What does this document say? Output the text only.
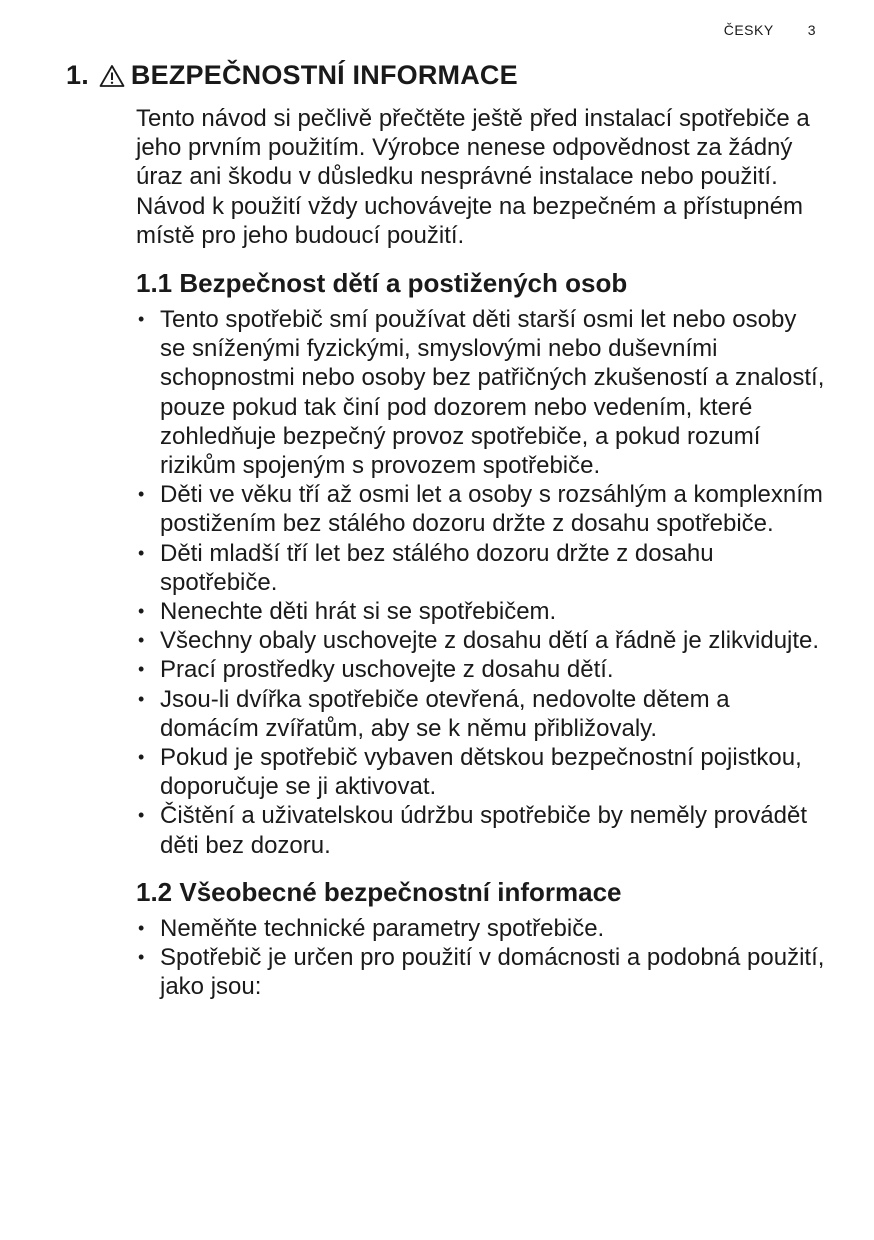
ČESKY 3
1. BEZPEČNOSTNÍ INFORMACE

Tento návod si pečlivě přečtěte ještě před instalací spotřebiče a jeho prvním použitím. Výrobce nenese odpovědnost za žádný úraz ani škodu v důsledku nesprávné instalace nebo použití. Návod k použití vždy uchovávejte na bezpečném a přístupném místě pro jeho budoucí použití.

1.1 Bezpečnost dětí a postižených osob
• Tento spotřebič smí používat děti starší osmi let nebo osoby se sníženými fyzickými, smyslovými nebo duševními schopnostmi nebo osoby bez patřičných zkušeností a znalostí, pouze pokud tak činí pod dozorem nebo vedením, které zohledňuje bezpečný provoz spotřebiče, a pokud rozumí rizikům spojeným s provozem spotřebiče.
• Děti ve věku tří až osmi let a osoby s rozsáhlým a komplexním postižením bez stálého dozoru držte z dosahu spotřebiče.
• Děti mladší tří let bez stálého dozoru držte z dosahu spotřebiče.
• Nenechte děti hrát si se spotřebičem.
• Všechny obaly uschovejte z dosahu dětí a řádně je zlikvidujte.
• Prací prostředky uschovejte z dosahu dětí.
• Jsou-li dvířka spotřebiče otevřená, nedovolte dětem a domácím zvířatům, aby se k němu přibližovaly.
• Pokud je spotřebič vybaven dětskou bezpečnostní pojistkou, doporučuje se ji aktivovat.
• Čištění a uživatelskou údržbu spotřebiče by neměly provádět děti bez dozoru.
1.2 Všeobecné bezpečnostní informace
• Neměňte technické parametry spotřebiče.
• Spotřebič je určen pro použití v domácnosti a podobná použití, jako jsou:
